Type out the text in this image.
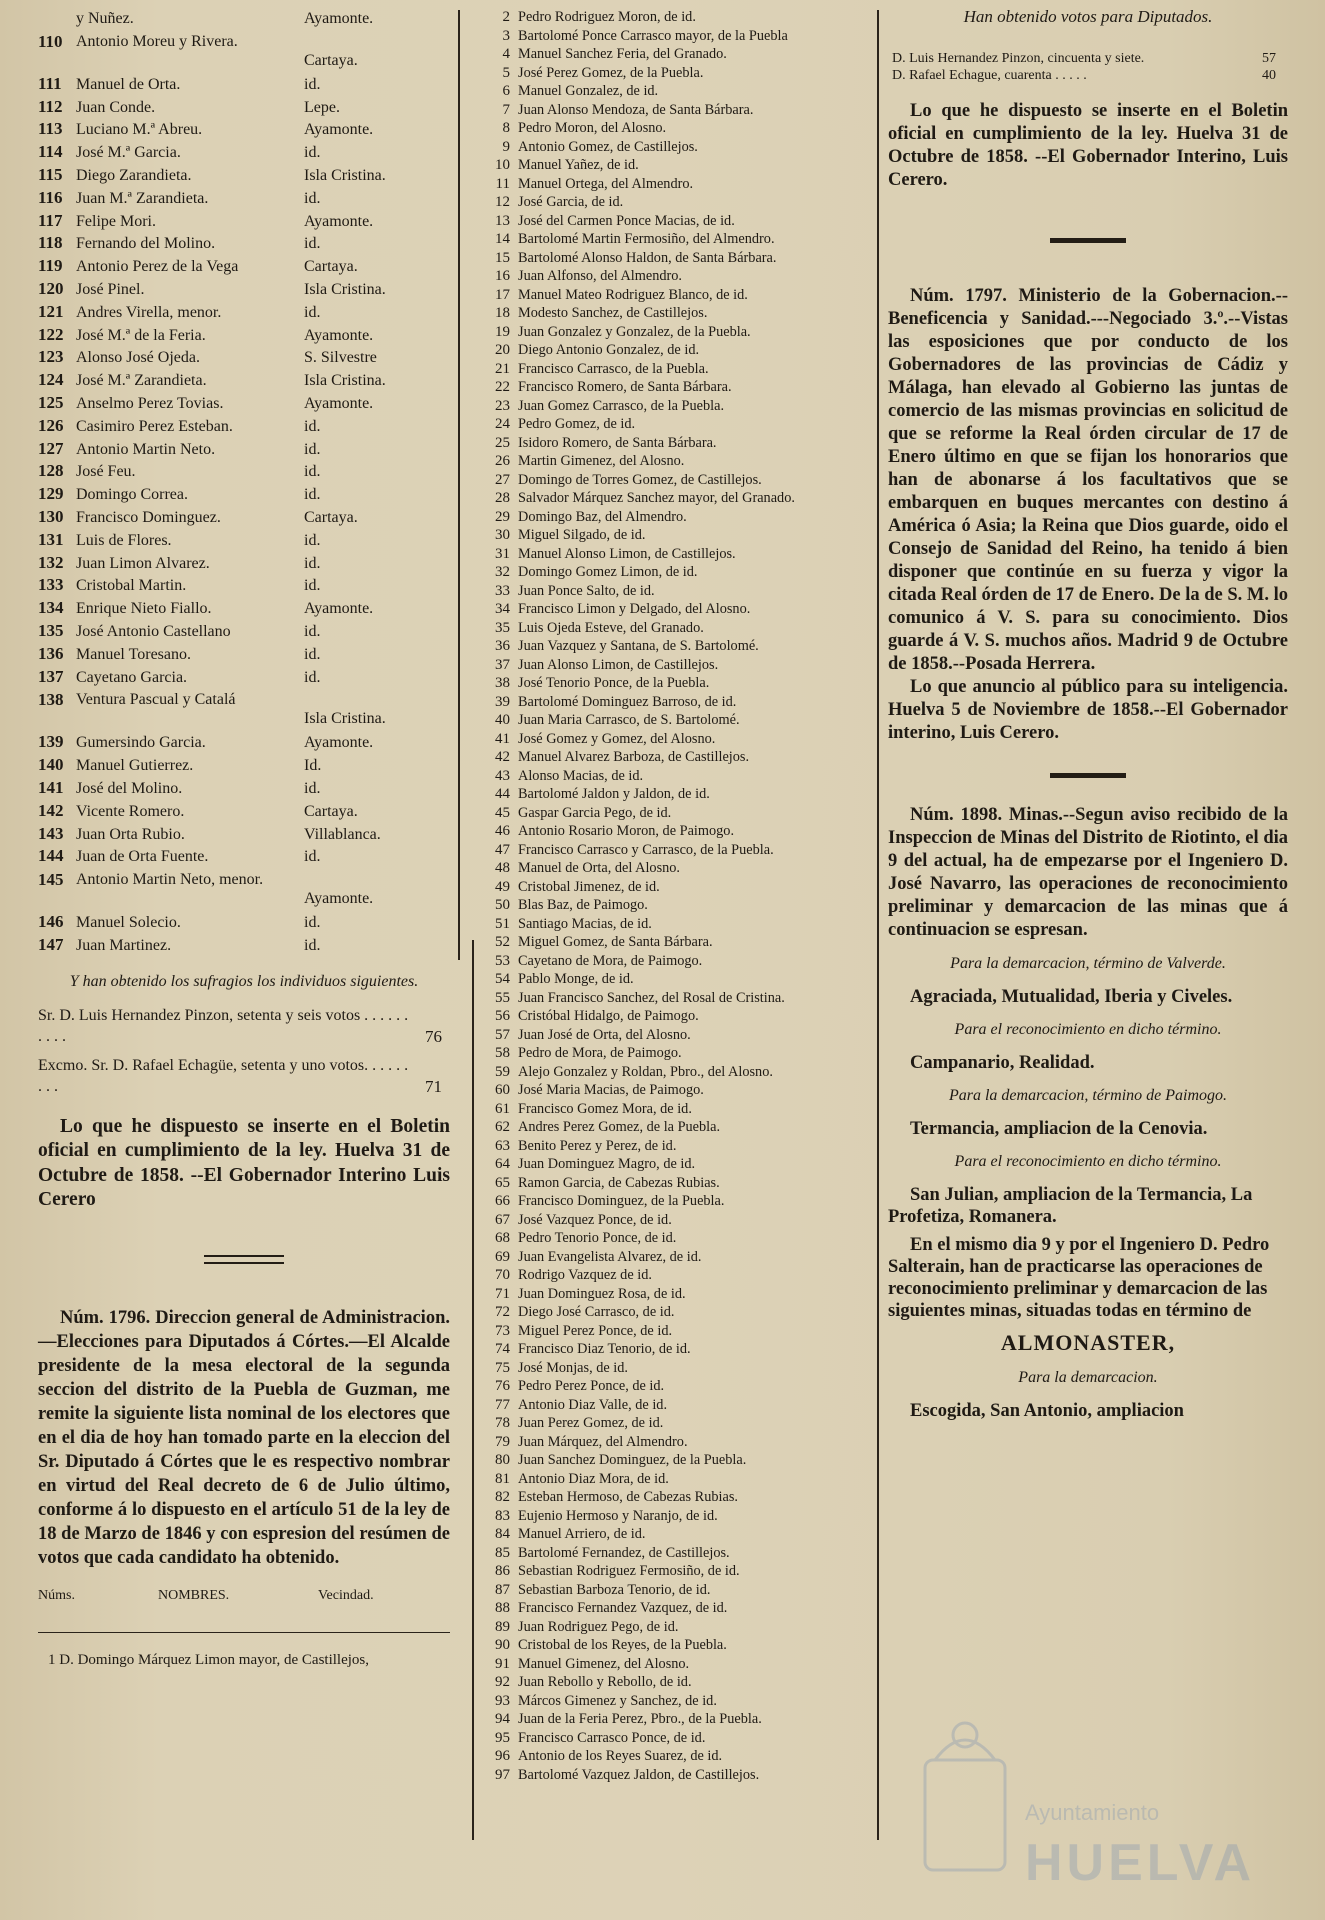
y Nuñez.	Ayamonte.
110 Antonio Moreu y Rivera.
Cartaya.
111 Manuel de Orta.	id.
112 Juan Conde.	Lepe.
113 Luciano M.ª Abreu.	Ayamonte.
114 José M.ª Garcia.	id.
115 Diego Zarandieta.	Isla Cristina.
116 Juan M.ª Zarandieta.	id.
117 Felipe Mori.	Ayamonte.
118 Fernando del Molino.	id.
119 Antonio Perez de la Vega	Cartaya.
120 José Pinel.	Isla Cristina.
121 Andres Virella, menor.	id.
122 José M.ª de la Feria.	Ayamonte.
123 Alonso José Ojeda.	S. Silvestre
124 José M.ª Zarandieta.	Isla Cristina.
125 Anselmo Perez Tovias.	Ayamonte.
126 Casimiro Perez Esteban.	id.
127 Antonio Martin Neto.	id.
128 José Feu.	id.
129 Domingo Correa.	id.
130 Francisco Dominguez.	Cartaya.
131 Luis de Flores.	id.
132 Juan Limon Alvarez.	id.
133 Cristobal Martin.	id.
134 Enrique Nieto Fiallo.	Ayamonte.
135 José Antonio Castellano	id.
136 Manuel Toresano.	id.
137 Cayetano Garcia.	id.
138 Ventura Pascual y Catalá
Isla Cristina.
139 Gumersindo Garcia.	Ayamonte.
140 Manuel Gutierrez.	Id.
141 José del Molino.	id.
142 Vicente Romero.	Cartaya.
143 Juan Orta Rubio.	Villablanca.
144 Juan de Orta Fuente.	id.
145 Antonio Martin Neto, menor.
Ayamonte.
146 Manuel Solecio.	id.
147 Juan Martinez.	id.
Y han obtenido los sufragios los individuos siguientes.
Sr. D. Luis Hernandez Pinzon, setenta y seis votos . . . . . . . . . .	76
Excmo. Sr. D. Rafael Echagüe, setenta y uno votos. . . . . . . . .	71
Lo que he dispuesto se inserte en el Boletin oficial en cumplimiento de la ley. Huelva 31 de Octubre de 1858. --El Gobernador Interino Luis Cerero
Núm. 1796. Direccion general de Administracion.—Elecciones para Diputados á Córtes.—El Alcalde presidente de la mesa electoral de la segunda seccion del distrito de la Puebla de Guzman, me remite la siguiente lista nominal de los electores que en el dia de hoy han tomado parte en la eleccion del Sr. Diputado á Córtes que le es respectivo nombrar en virtud del Real decreto de 6 de Julio último, conforme á lo dispuesto en el artículo 51 de la ley de 18 de Marzo de 1846 y con espresion del resúmen de votos que cada candidato ha obtenido.
Núms.	NOMBRES.	Vecindad.
1 D. Domingo Márquez Limon mayor, de Castillejos,
2 Pedro Rodriguez Moron, de id.
3 Bartolomé Ponce Carrasco mayor, de la Puebla
4 Manuel Sanchez Feria, del Granado.
5 José Perez Gomez, de la Puebla.
6 Manuel Gonzalez, de id.
7 Juan Alonso Mendoza, de Santa Bárbara.
8 Pedro Moron, del Alosno.
9 Antonio Gomez, de Castillejos.
10 Manuel Yañez, de id.
11 Manuel Ortega, del Almendro.
12 José Garcia, de id.
13 José del Carmen Ponce Macias, de id.
14 Bartolomé Martin Fermosiño, del Almendro.
15 Bartolomé Alonso Haldon, de Santa Bárbara.
16 Juan Alfonso, del Almendro.
17 Manuel Mateo Rodriguez Blanco, de id.
18 Modesto Sanchez, de Castillejos.
19 Juan Gonzalez y Gonzalez, de la Puebla.
20 Diego Antonio Gonzalez, de id.
21 Francisco Carrasco, de la Puebla.
22 Francisco Romero, de Santa Bárbara.
23 Juan Gomez Carrasco, de la Puebla.
24 Pedro Gomez, de id.
25 Isidoro Romero, de Santa Bárbara.
26 Martin Gimenez, del Alosno.
27 Domingo de Torres Gomez, de Castillejos.
28 Salvador Márquez Sanchez mayor, del Granado.
29 Domingo Baz, del Almendro.
30 Miguel Silgado, de id.
31 Manuel Alonso Limon, de Castillejos.
32 Domingo Gomez Limon, de id.
33 Juan Ponce Salto, de id.
34 Francisco Limon y Delgado, del Alosno.
35 Luis Ojeda Esteve, del Granado.
36 Juan Vazquez y Santana, de S. Bartolomé.
37 Juan Alonso Limon, de Castillejos.
38 José Tenorio Ponce, de la Puebla.
39 Bartolomé Dominguez Barroso, de id.
40 Juan Maria Carrasco, de S. Bartolomé.
41 José Gomez y Gomez, del Alosno.
42 Manuel Alvarez Barboza, de Castillejos.
43 Alonso Macias, de id.
44 Bartolomé Jaldon y Jaldon, de id.
45 Gaspar Garcia Pego, de id.
46 Antonio Rosario Moron, de Paimogo.
47 Francisco Carrasco y Carrasco, de la Puebla.
48 Manuel de Orta, del Alosno.
49 Cristobal Jimenez, de id.
50 Blas Baz, de Paimogo.
51 Santiago Macias, de id.
52 Miguel Gomez, de Santa Bárbara.
53 Cayetano de Mora, de Paimogo.
54 Pablo Monge, de id.
55 Juan Francisco Sanchez, del Rosal de Cristina.
56 Cristóbal Hidalgo, de Paimogo.
57 Juan José de Orta, del Alosno.
58 Pedro de Mora, de Paimogo.
59 Alejo Gonzalez y Roldan, Pbro., del Alosno.
60 José Maria Macias, de Paimogo.
61 Francisco Gomez Mora, de id.
62 Andres Perez Gomez, de la Puebla.
63 Benito Perez y Perez, de id.
64 Juan Dominguez Magro, de id.
65 Ramon Garcia, de Cabezas Rubias.
66 Francisco Dominguez, de la Puebla.
67 José Vazquez Ponce, de id.
68 Pedro Tenorio Ponce, de id.
69 Juan Evangelista Alvarez, de id.
70 Rodrigo Vazquez de id.
71 Juan Dominguez Rosa, de id.
72 Diego José Carrasco, de id.
73 Miguel Perez Ponce, de id.
74 Francisco Diaz Tenorio, de id.
75 José Monjas, de id.
76 Pedro Perez Ponce, de id.
77 Antonio Diaz Valle, de id.
78 Juan Perez Gomez, de id.
79 Juan Márquez, del Almendro.
80 Juan Sanchez Dominguez, de la Puebla.
81 Antonio Diaz Mora, de id.
82 Esteban Hermoso, de Cabezas Rubias.
83 Eujenio Hermoso y Naranjo, de id.
84 Manuel Arriero, de id.
85 Bartolomé Fernandez, de Castillejos.
86 Sebastian Rodriguez Fermosiño, de id.
87 Sebastian Barboza Tenorio, de id.
88 Francisco Fernandez Vazquez, de id.
89 Juan Rodriguez Pego, de id.
90 Cristobal de los Reyes, de la Puebla.
91 Manuel Gimenez, del Alosno.
92 Juan Rebollo y Rebollo, de id.
93 Márcos Gimenez y Sanchez, de id.
94 Juan de la Feria Perez, Pbro., de la Puebla.
95 Francisco Carrasco Ponce, de id.
96 Antonio de los Reyes Suarez, de id.
97 Bartolomé Vazquez Jaldon, de Castillejos.
Han obtenido votos para Diputados.
D. Luis Hernandez Pinzon, cincuenta y siete.	57
D. Rafael Echague, cuarenta . . . . .	40
Lo que he dispuesto se inserte en el Boletin oficial en cumplimiento de la ley. Huelva 31 de Octubre de 1858. --El Gobernador Interino, Luis Cerero.
Núm. 1797. Ministerio de la Gobernacion.--Beneficencia y Sanidad.---Negociado 3.º.--Vistas las esposiciones que por conducto de los Gobernadores de las provincias de Cádiz y Málaga, han elevado al Gobierno las juntas de comercio de las mismas provincias en solicitud de que se reforme la Real órden circular de 17 de Enero último en que se fijan los honorarios que han de abonarse á los facultativos que se embarquen en buques mercantes con destino á América ó Asia; la Reina que Dios guarde, oido el Consejo de Sanidad del Reino, ha tenido á bien disponer que continúe en su fuerza y vigor la citada Real órden de 17 de Enero. De la de S. M. lo comunico á V. S. para su conocimiento. Dios guarde á V. S. muchos años. Madrid 9 de Octubre de 1858.--Posada Herrera.
Lo que anuncio al público para su inteligencia. Huelva 5 de Noviembre de 1858.--El Gobernador interino, Luis Cerero.
Núm. 1898. Minas.--Segun aviso recibido de la Inspeccion de Minas del Distrito de Riotinto, el dia 9 del actual, ha de empezarse por el Ingeniero D. José Navarro, las operaciones de reconocimiento preliminar y demarcacion de las minas que á continuacion se espresan.
Para la demarcacion, término de Valverde.
Agraciada, Mutualidad, Iberia y Civeles.
Para el reconocimiento en dicho término.
Campanario, Realidad.
Para la demarcacion, término de Paimogo.
Termancia, ampliacion de la Cenovia.
Para el reconocimiento en dicho término.
San Julian, ampliacion de la Termancia, La Profetiza, Romanera.
En el mismo dia 9 y por el Ingeniero D. Pedro Salterain, han de practicarse las operaciones de reconocimiento preliminar y demarcacion de las siguientes minas, situadas todas en término de
ALMONASTER,
Para la demarcacion.
Escogida, San Antonio, ampliacion
Ayuntamiento
HUELVA
